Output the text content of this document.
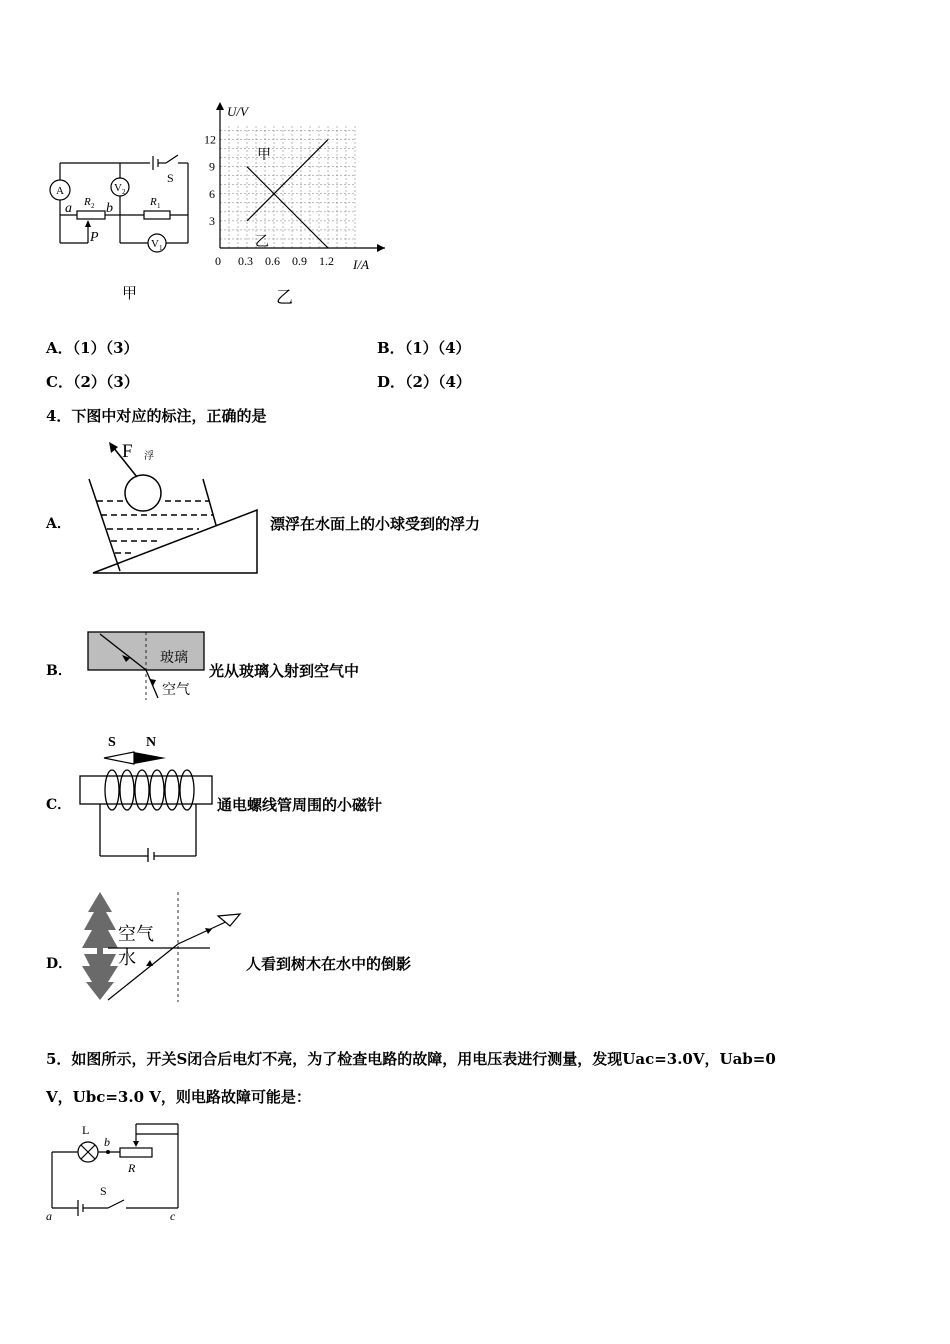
A	V 2
V 1
R 2	R 1
a b
P
S
甲
0 0.3 0.6 0.9 1.2
3
6
9
12
U/V
I/A
甲
乙
乙
A．（1）（3）	B．（1）（4）
C．（2）（3）	D．（2）（4）
4．下图中对应的标注，正确的是
A．
F 浮
漂浮在水面上的小球受到的浮力
B．
玻璃
空气
光从玻璃入射到空气中
C．
S N
通电螺线管周围的小磁针
D．
空气
水	人看到树木在水中的倒影
5．如图所示，开关S闭合后电灯不亮，为了检查电路的故障，用电压表进行测量，发现Uac=3.0V，Uab=0
V，Ubc=3.0 V，则电路故障可能是：
L
b
R
S
a	c
